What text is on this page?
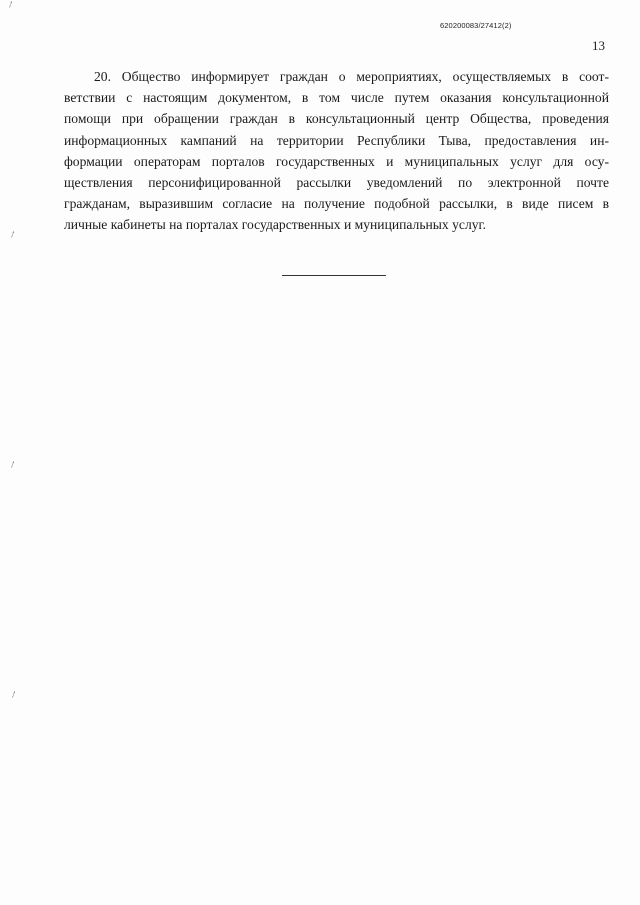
620200083/27412(2)
13

20. Общество информирует граждан о мероприятиях, осуществляемых в соот-
ветствии с настоящим документом, в том числе путем оказания консультационной
помощи при обращении граждан в консультационный центр Общества, проведения
информационных кампаний на территории Республики Тыва, предоставления ин-
формации операторам порталов государственных и муниципальных услуг для осу-
ществления персонифицированной рассылки уведомлений по электронной почте
гражданам, выразившим согласие на получение подобной рассылки, в виде писем в
личные кабинеты на порталах государственных и муниципальных услуг.
